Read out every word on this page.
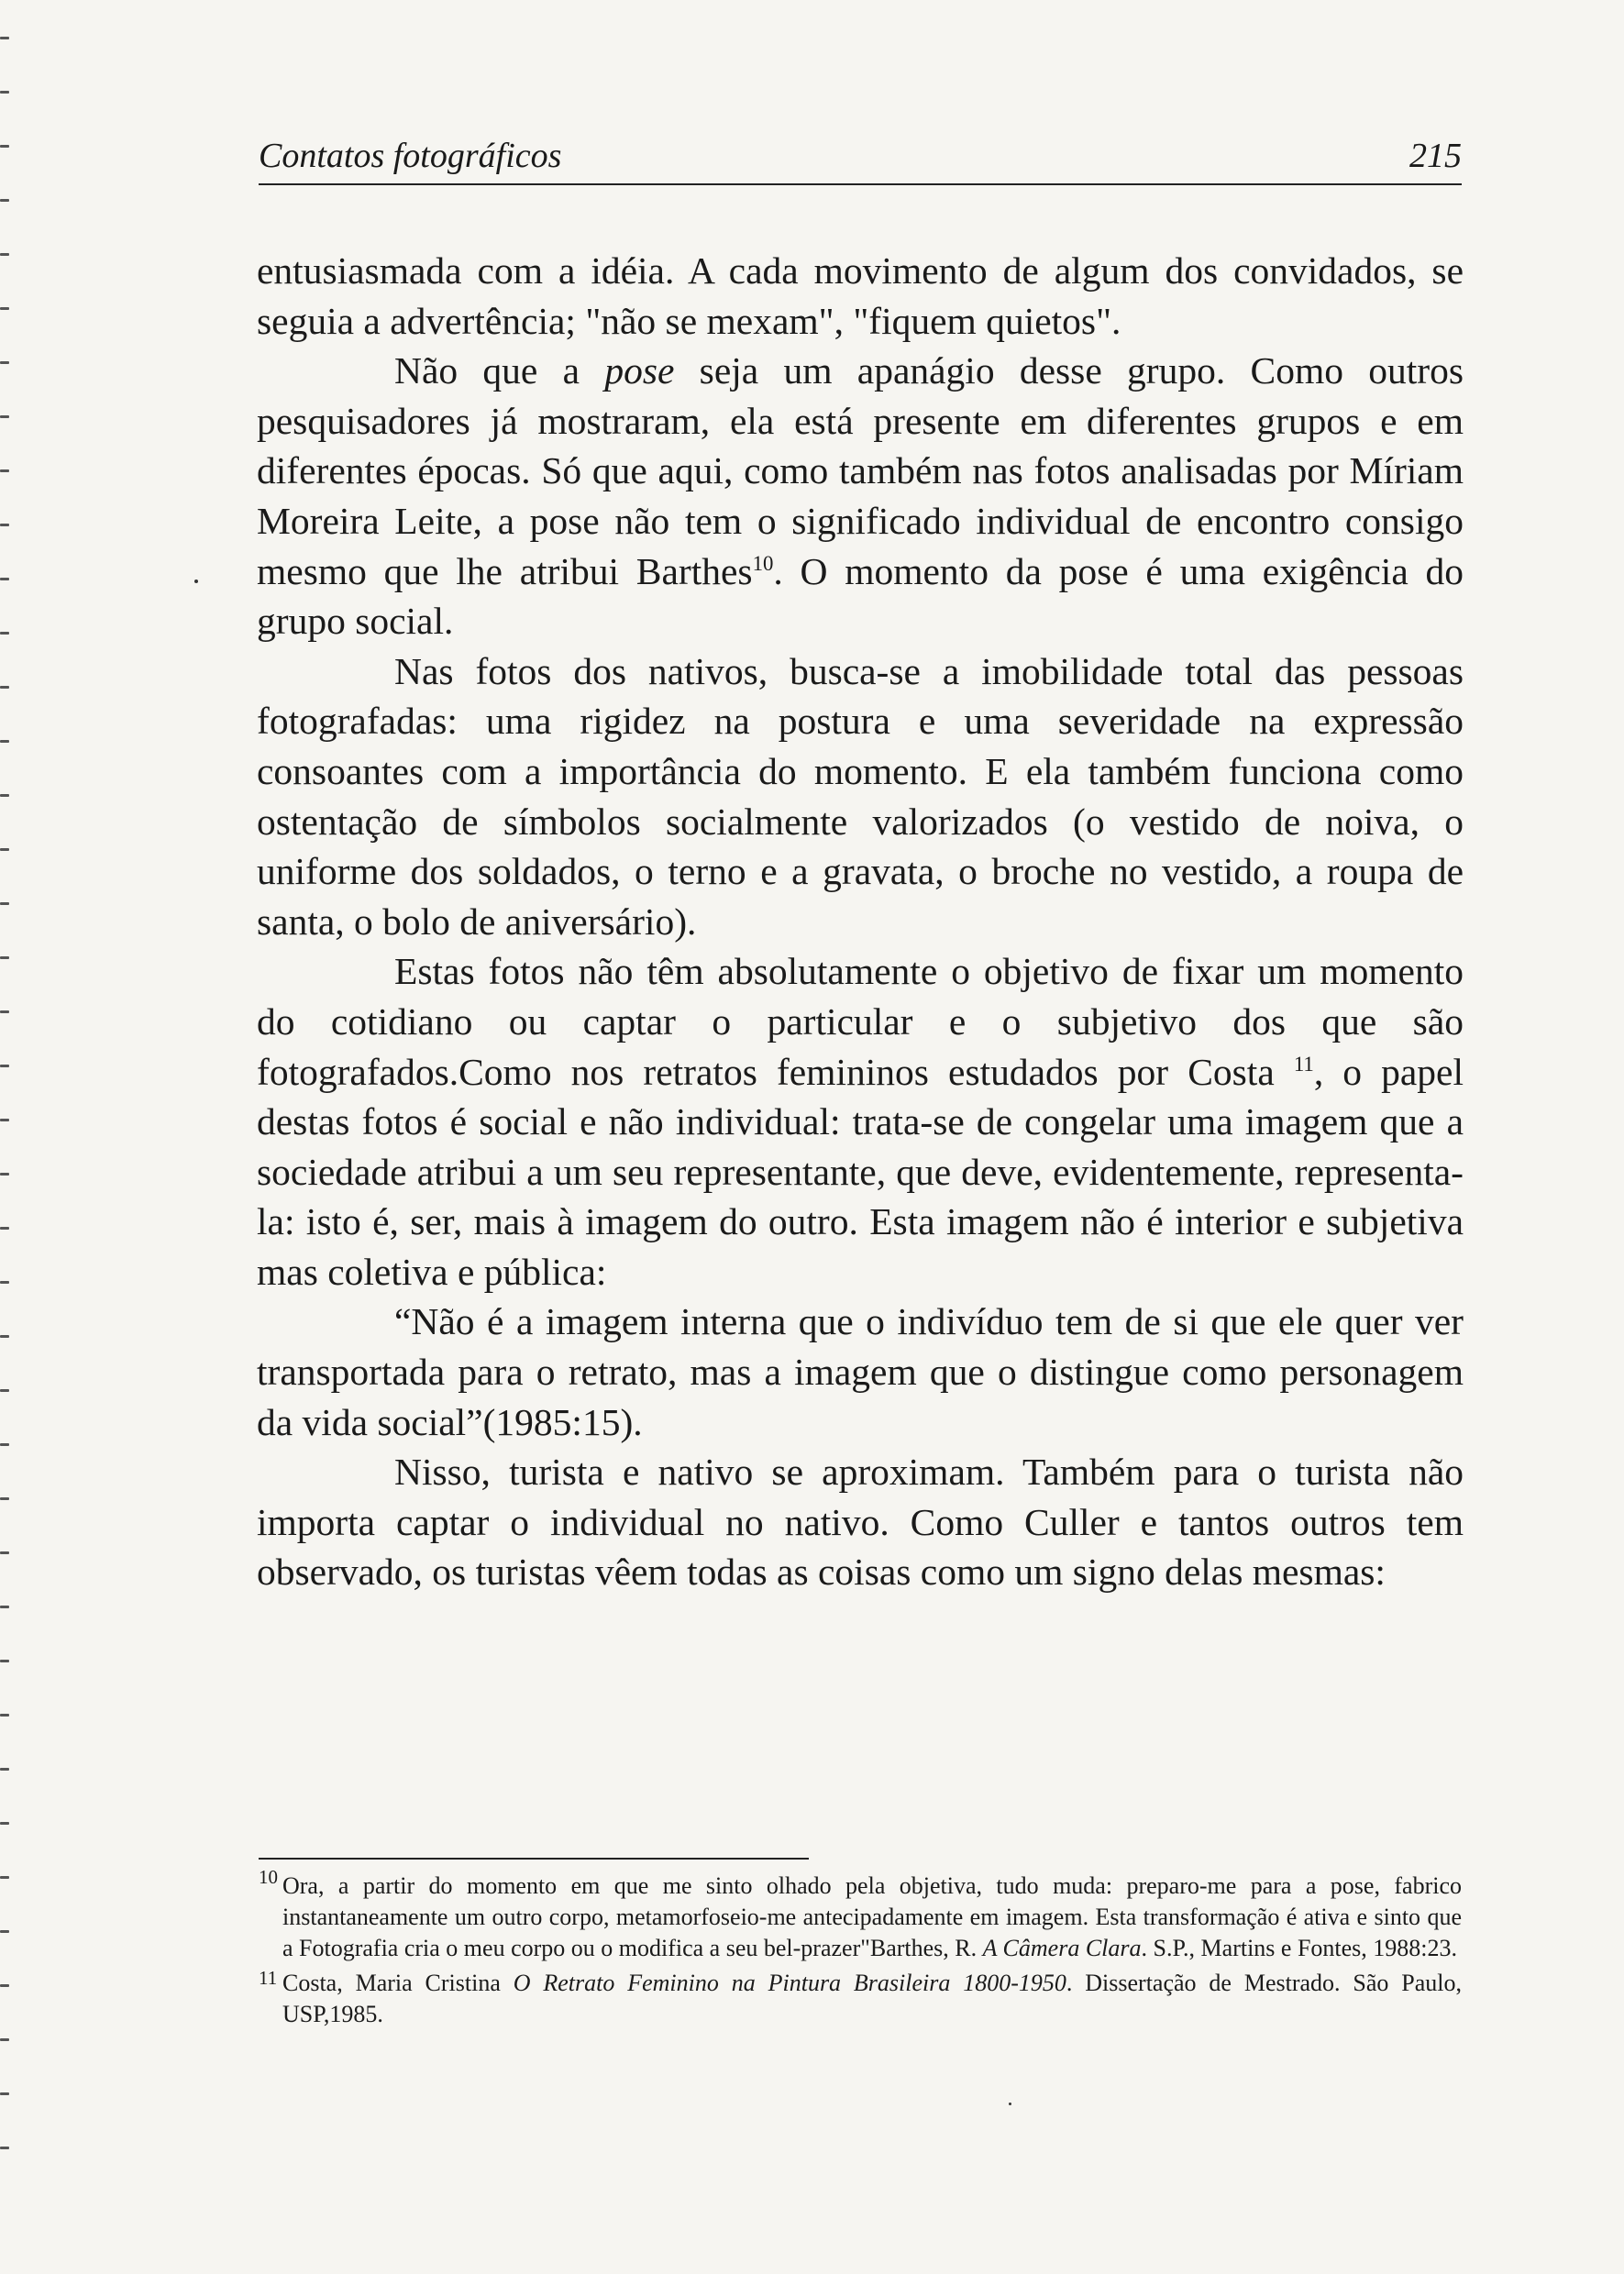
Contatos fotográficos	215

entusiasmada com a idéia. A cada movimento de algum dos convidados, se seguia a advertência; "não se mexam", "fiquem quietos".

Não que a pose seja um apanágio desse grupo. Como outros pesquisadores já mostraram, ela está presente em diferentes grupos e em diferentes épocas. Só que aqui, como também nas fotos analisadas por Míriam Moreira Leite, a pose não tem o significado individual de encontro consigo mesmo que lhe atribui Barthes$^{10}$. O momento da pose é uma exigência do grupo social.

Nas fotos dos nativos, busca-se a imobilidade total das pessoas fotografadas: uma rigidez na postura e uma severidade na expressão consoantes com a importância do momento. E ela também funciona como ostentação de símbolos socialmente valorizados (o vestido de noiva, o uniforme dos soldados, o terno e a gravata, o broche no vestido, a roupa de santa, o bolo de aniversário).

Estas fotos não têm absolutamente o objetivo de fixar um momento do cotidiano ou captar o particular e o subjetivo dos que são fotografados.Como nos retratos femininos estudados por Costa $^{11}$, o papel destas fotos é social e não individual: trata-se de congelar uma imagem que a sociedade atribui a um seu representante, que deve, evidentemente, representa-la: isto é, ser, mais à imagem do outro. Esta imagem não é interior e subjetiva mas coletiva e pública:

“Não é a imagem interna que o indivíduo tem de si que ele quer ver transportada para o retrato, mas a imagem que o distingue como personagem da vida social”(1985:15).

Nisso, turista e nativo se aproximam. Também para o turista não importa captar o individual no nativo. Como Culler e tantos outros tem observado, os turistas vêem todas as coisas como um signo delas mesmas:

10 Ora, a partir do momento em que me sinto olhado pela objetiva, tudo muda: preparo-me para a pose, fabrico instantaneamente um outro corpo, metamorfoseio-me antecipadamente em imagem. Esta transformação é ativa e sinto que a Fotografia cria o meu corpo ou o modifica a seu bel-prazer"Barthes, R. A Câmera Clara. S.P., Martins e Fontes, 1988:23.

11 Costa, Maria Cristina O Retrato Feminino na Pintura Brasileira 1800-1950. Dissertação de Mestrado. São Paulo, USP,1985.
